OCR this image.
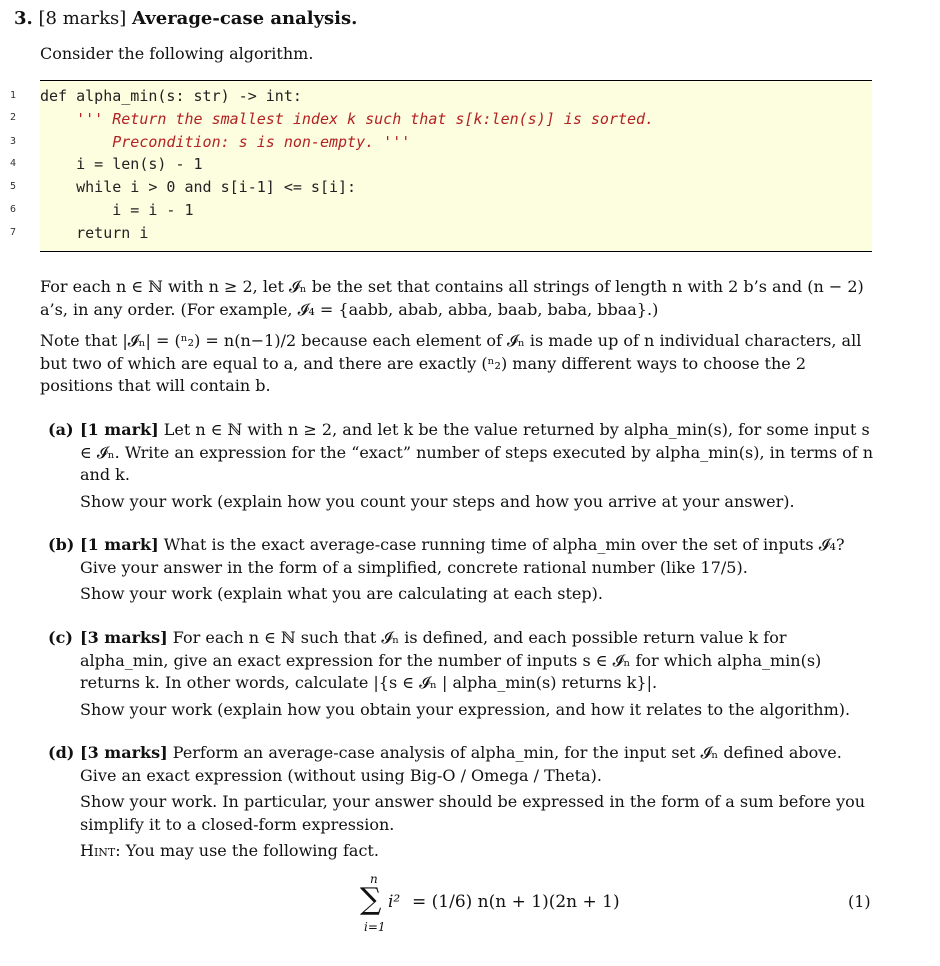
3. [8 marks] Average-case analysis.
Consider the following algorithm.
1
2
3
4
5
6
7
def alpha_min(s: str) -> int:
''' Return the smallest index k such that s[k:len(s)] is sorted.
Precondition: s is non-empty. '''
i = len(s) - 1
while i > 0 and s[i-1] <= s[i]:
i = i - 1
return i
For each n ∈ ℕ with n ≥ 2, let 𝓘ₙ be the set that contains all strings of length n with 2 b’s and (n − 2) a’s, in any order. (For example, 𝓘₄ = {aabb, abab, abba, baab, baba, bbaa}.)
Note that |𝓘ₙ| = (ⁿ₂) = n(n−1)/2 because each element of 𝓘ₙ is made up of n individual characters, all but two of which are equal to a, and there are exactly (ⁿ₂) many different ways to choose the 2 positions that will contain b.
(a) [1 mark] Let n ∈ ℕ with n ≥ 2, and let k be the value returned by alpha_min(s), for some input s ∈ 𝓘ₙ. Write an expression for the “exact” number of steps executed by alpha_min(s), in terms of n and k.
Show your work (explain how you count your steps and how you arrive at your answer).
(b) [1 mark] What is the exact average-case running time of alpha_min over the set of inputs 𝓘₄? Give your answer in the form of a simplified, concrete rational number (like 17/5).
Show your work (explain what you are calculating at each step).
(c) [3 marks] For each n ∈ ℕ such that 𝓘ₙ is defined, and each possible return value k for alpha_min, give an exact expression for the number of inputs s ∈ 𝓘ₙ for which alpha_min(s) returns k. In other words, calculate |{s ∈ 𝓘ₙ | alpha_min(s) returns k}|.
Show your work (explain how you obtain your expression, and how it relates to the algorithm).
(d) [3 marks] Perform an average-case analysis of alpha_min, for the input set 𝓘ₙ defined above. Give an exact expression (without using Big-O / Omega / Theta).
Show your work. In particular, your answer should be expressed in the form of a sum before you simplify it to a closed-form expression.
Hint: You may use the following fact.
n
∑
i=1
i² = (1/6) n(n + 1)(2n + 1)	(1)
